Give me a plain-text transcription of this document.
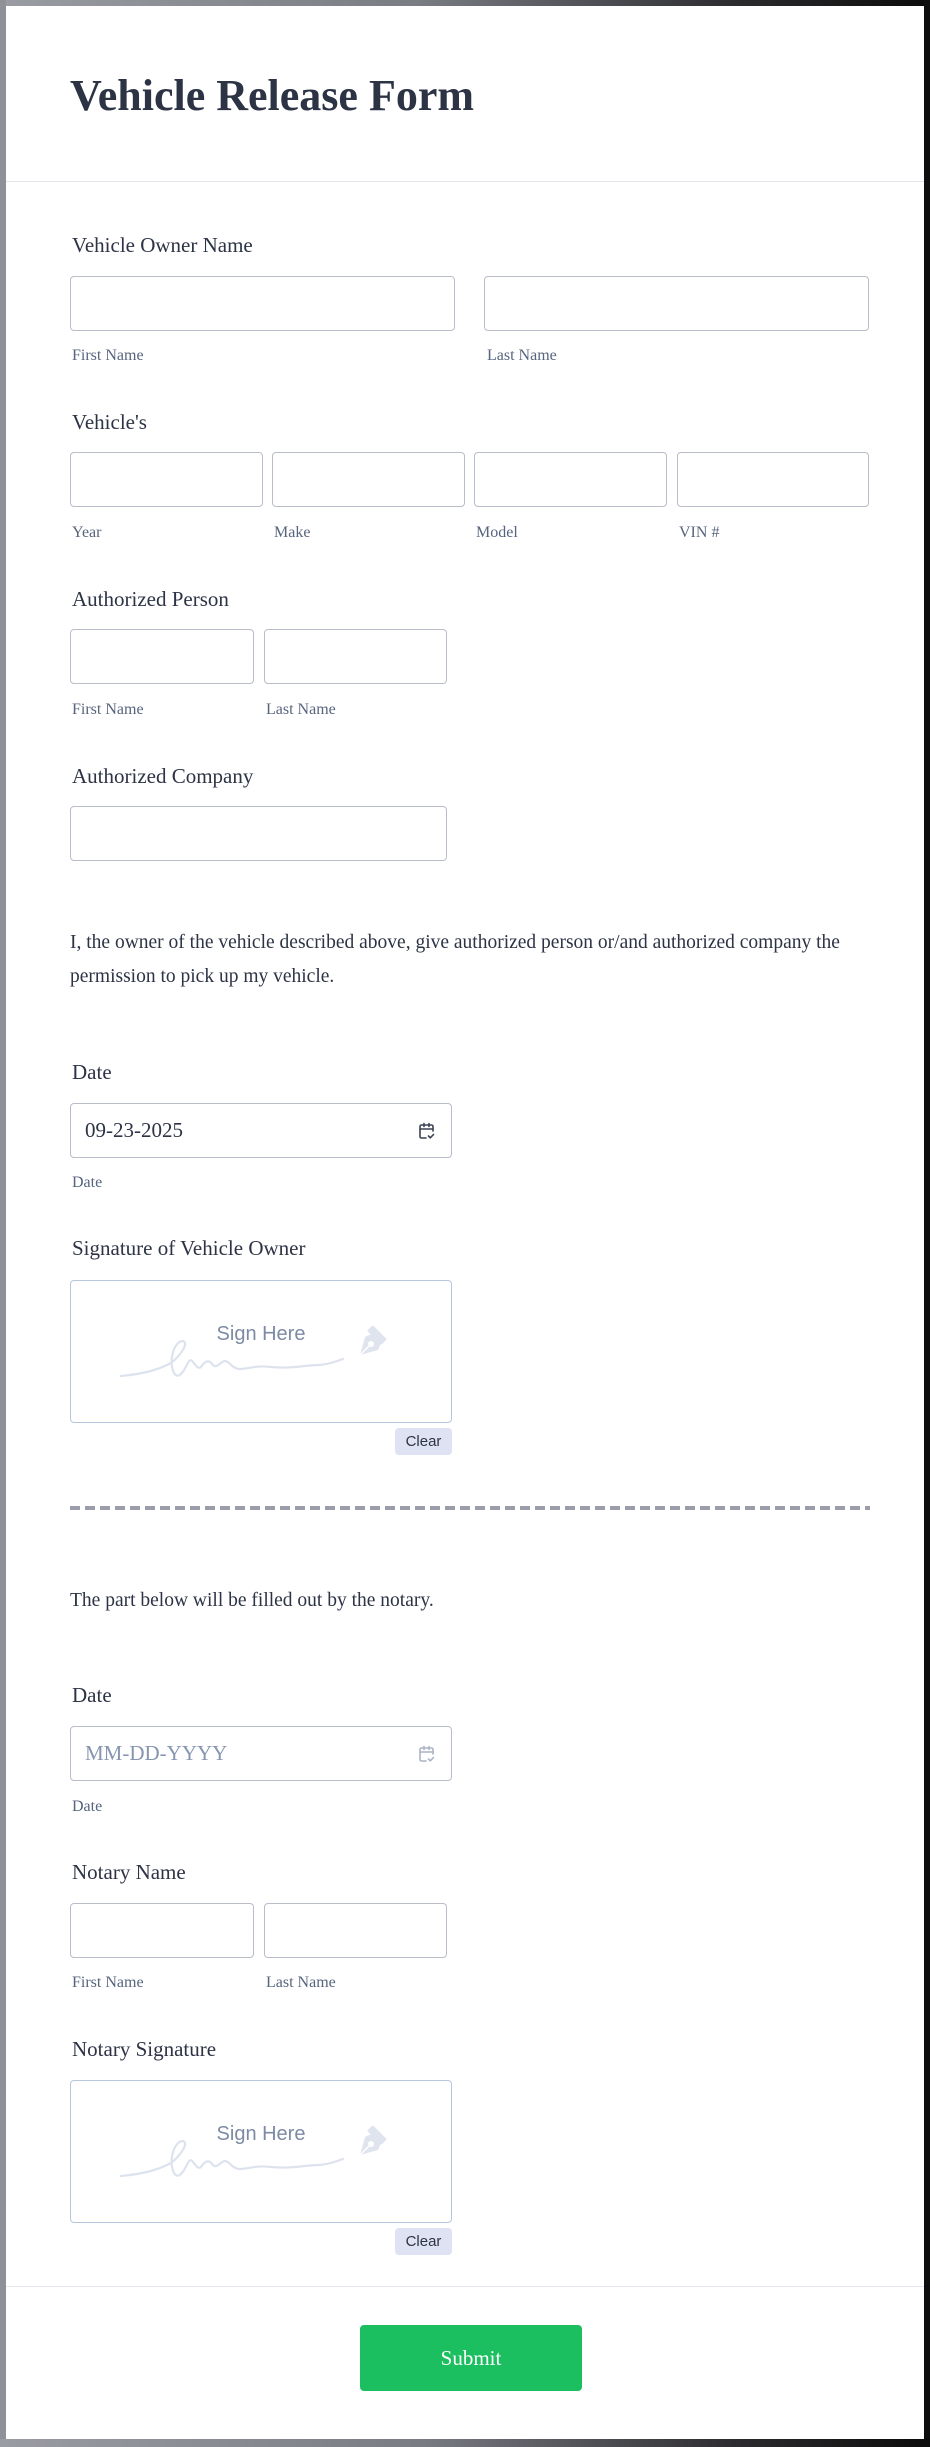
Vehicle Release Form
Vehicle Owner Name
First Name	Last Name
Vehicle's
Year	Make	Model	VIN #
Authorized Person
First Name	Last Name
Authorized Company

I, the owner of the vehicle described above, give authorized person or/and authorized company the permission to pick up my vehicle.

Date
09-23-2025
Date
Signature of Vehicle Owner
Sign Here
Clear

The part below will be filled out by the notary.

Date
MM-DD-YYYY
Date
Notary Name
First Name	Last Name
Notary Signature
Sign Here
Clear
Submit
